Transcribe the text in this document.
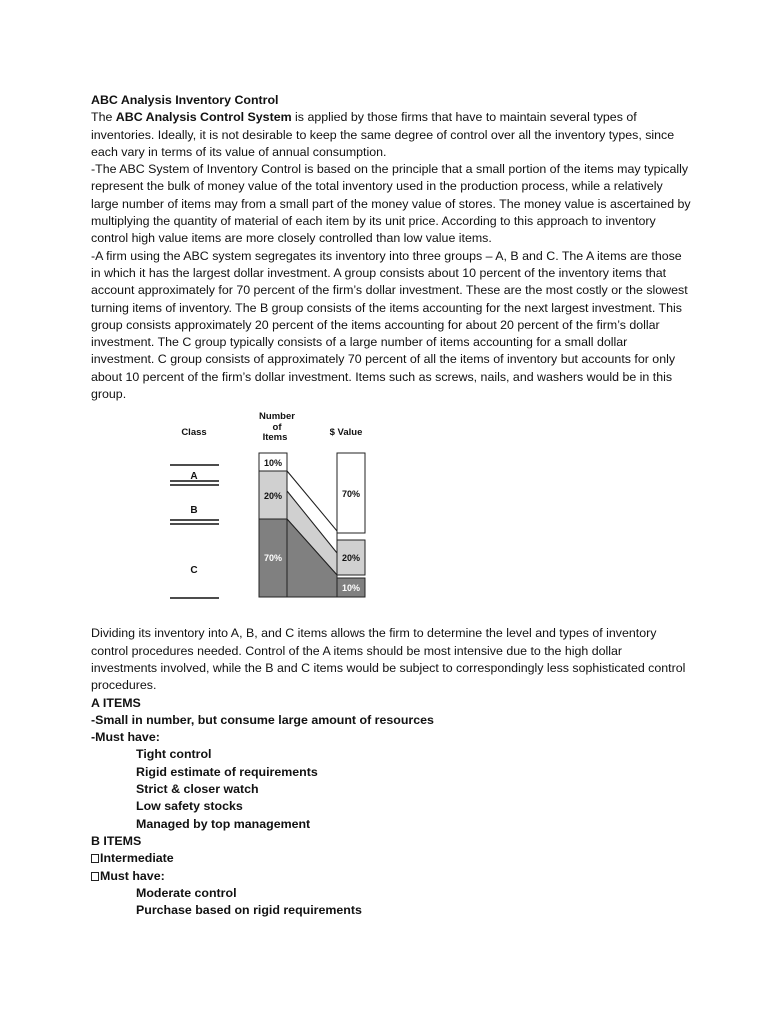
ABC Analysis Inventory Control

The ABC Analysis Control System is applied by those firms that have to maintain several types of inventories. Ideally, it is not desirable to keep the same degree of control over all the inventory types, since each vary in terms of its value of annual consumption.

-The ABC System of Inventory Control is based on the principle that a small portion of the items may typically represent the bulk of money value of the total inventory used in the production process, while a relatively large number of items may from a small part of the money value of stores. The money value is ascertained by multiplying the quantity of material of each item by its unit price. According to this approach to inventory control high value items are more closely controlled than low value items.

-A firm using the ABC system segregates its inventory into three groups – A, B and C. The A items are those in which it has the largest dollar investment. A group consists about 10 percent of the inventory items that account approximately for 70 percent of the firm’s dollar investment. These are the most costly or the slowest turning items of inventory. The B group consists of the items accounting for the next largest investment. This group consists approximately 20 percent of the items accounting for about 20 percent of the firm’s dollar investment. The C group typically consists of a large number of items accounting for a small dollar investment. C group consists of approximately 70 percent of all the items of inventory but accounts for only about 10 percent of the firm’s dollar investment. Items such as screws, nails, and washers would be in this group.

Class
Number
of
Items	$ Value
A
B
C
10%
20%
70%
70%
20%
10%

Dividing its inventory into A, B, and C items allows the firm to determine the level and types of inventory control procedures needed. Control of the A items should be most intensive due to the high dollar investments involved, while the B and C items would be subject to correspondingly less sophisticated control procedures.

A ITEMS
-Small in number, but consume large amount of resources
-Must have:
Tight control
Rigid estimate of requirements
Strict & closer watch
Low safety stocks
Managed by top management
B ITEMS
Intermediate
Must have:
Moderate control
Purchase based on rigid requirements
